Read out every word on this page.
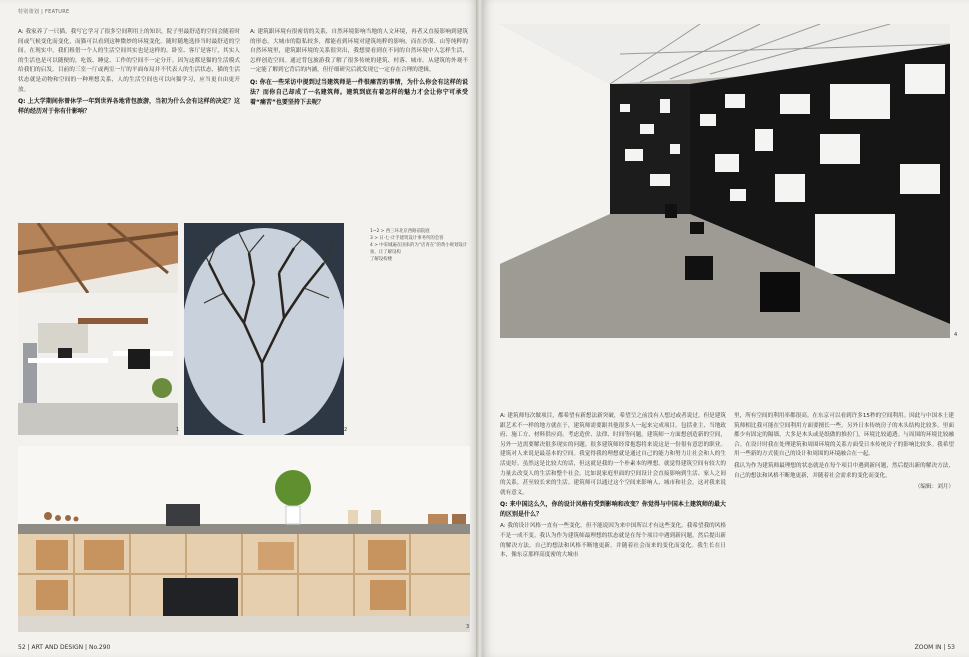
特别策划 | FEATURE

A: 我家养了一只猫。我写它学习了很多空间利用上的知识，院子里最舒适的空间会随着时间或气候变化而变化，而猫可以看到这种微妙的环境变化。随时随地选择当时最舒适的空间。在现实中，我们租借一个人的生活空间其实也是这样的。卧室、客厅是客厅，其实人的生活也是可以随便的，吃饭、睡觉、工作的空间不一定分开。因为这都是猫的生活模式给我们的启发。目前的三室一厅或两室一厅的平面布局并不代表人的生活状态，猫的生活状态就是动物和空间的一种理想关系，人的生活空间也可以向猫学习，应当更自由更开放。

Q: 上大学期间你曾休学一年到世界各地背包旅游，当初为什么会有这样的决定？这样的经历对于你有什影响？

A: 建筑跟环境有很密切的关系，自然环境影响当地的人文环境，再者又直接影响到建筑的形态。大城市的隐私较多，都能看到环境对建筑纯粹的影响。而在沙漠、山等纯粹的自然环境里，建筑跟环境的关系很突出，我想要看到在不同的自然环境中人怎样生活，怎样创造空间。通过背包旅游我了解了很多传统的建筑、村落、城市。从建筑的外观不一定能了解到它背后的内涵，但仔细研究后就发现它一定存在合理的逻辑。

Q: 你在一些采访中提到过当建筑师是一件很痛苦的事情，为什么你会有这样的说法？而你自己却成了一名建筑师。建筑到底有着怎样的魅力才会让你宁可承受着“痛苦”也要坚持下去呢？

1	2
1~2 > 西三环北京西路前院庭
3 > 日·七·计手建筑设计事务所的会客
4 > 中采城遍在国来的为“店青在”的黄小规划设计加，让了解设构
了解设构楼
3
52 | ART AND DESIGN | No.290
4

A: 建筑师每次做项目，都希望有新想法新突破，希望呈之前没有人想过或者说过。但是建筑跟艺术不一样的地方就在于，建筑师需要跟其他很多人一起来完成项目。包括业主、当地政府、施工方、材料供应商。考虑造价、法律、时间等问题。建筑师一方面想创造新的空间，另外一边需要解决很多现实的问题。很多建筑师经常抱怨将来说这是一份很有意思的职业。建筑对人来说是最基本的空间。我觉得我的理想就是通过自己的能力和努力让社会和人的生活更好。虽然这是比较大的话，但这就是我的一个朴素本的理想。就觉得建筑空间有较大的力量去改变人的生活和整个社会。比如说家庭里面的空间设计会直接影响到生活、家人之间的关系，甚至较长来的生活。建筑师可以通过这个空间来影响人、城市和社会。这对我来说就有意义。

Q: 来中国这么久，你的设计风格有受到影响和改变？你觉得与中国本土建筑师的最大的区别是什么？

A: 我的设计风格一直有一些变化。但不能说因为来中国所以才有这些变化。我希望我的风格不是一成不变。我认为作为建筑师最理想的状态就是在每个项目中遇到新问题，然后提出新的解决方法。自己的想法和风格不断地更新。并随着社会而来的变化而变化。我生长在日本，像东京那样高度密的大城市

里，所有空间的利用率都很高。在东京可以看到许多15秒的空间利用。因此与中国本土建筑师相比我可能在空间利用方面要擅长一些。另外日本传统房子的木头结构比较多，里面都少有固定的隔墙，大多是木头或是纸做的推拉门，环境比较通透。与周围的环境比较融合。在设计时我在处理建筑和周围环境的关系方面受日本传统房子的影响比较多。我希望用一些新的方式使自己的设计和周围的环境融合在一起。

我认为作为建筑师最理想的状态就是在每个项目中遇到新问题，然后提出新的解决方法，自己的想法和风格不断地更新，并随着社会需求的变化而变化。

（编辑：刘月）

ZOOM IN | 53
